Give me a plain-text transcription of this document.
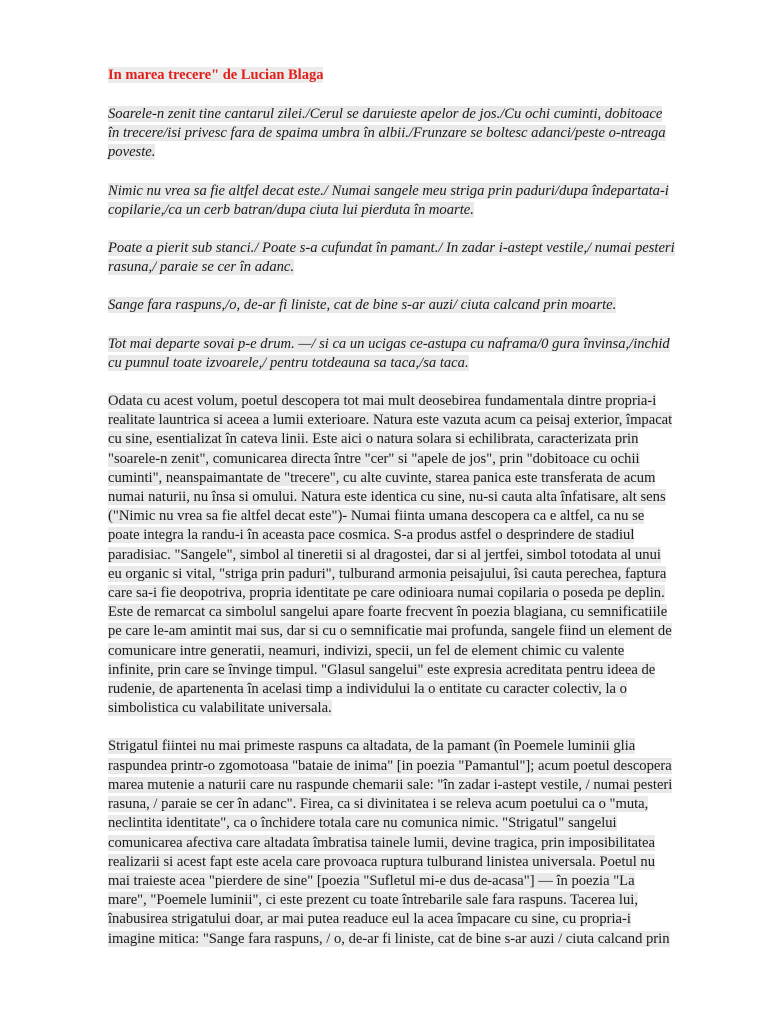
In marea trecere" de Lucian Blaga
Soarele-n zenit tine cantarul zilei./Cerul se daruieste apelor de jos./Cu ochi cuminti, dobitoace
în trecere/isi privesc fara de spaima umbra în albii./Frunzare se boltesc adanci/peste o-ntreaga
poveste.
Nimic nu vrea sa fie altfel decat este./ Numai sangele meu striga prin paduri/dupa îndepartata-i
copilarie,/ca un cerb batran/dupa ciuta lui pierduta în moarte.
Poate a pierit sub stanci./ Poate s-a cufundat în pamant./ In zadar i-astept vestile,/ numai pesteri
rasuna,/ paraie se cer în adanc.
Sange fara raspuns,/o, de-ar fi liniste, cat de bine s-ar auzi/ ciuta calcand prin moarte.
Tot mai departe sovai p-e drum. —/ si ca un ucigas ce-astupa cu naframa/0 gura învinsa,/inchid
cu pumnul toate izvoarele,/ pentru totdeauna sa taca,/sa taca.
Odata cu acest volum, poetul descopera tot mai mult deosebirea fundamentala dintre propria-i
realitate launtrica si aceea a lumii exterioare. Natura este vazuta acum ca peisaj exterior, împacat
cu sine, esentializat în cateva linii. Este aici o natura solara si echilibrata, caracterizata prin
"soarele-n zenit", comunicarea directa între "cer" si "apele de jos", prin "dobitoace cu ochii
cuminti", neanspaimantate de "trecere", cu alte cuvinte, starea panica este transferata de acum
numai naturii, nu însa si omului. Natura este identica cu sine, nu-si cauta alta înfatisare, alt sens
("Nimic nu vrea sa fie altfel decat este")- Numai fiinta umana descopera ca e altfel, ca nu se
poate integra la randu-i în aceasta pace cosmica. S-a produs astfel o desprindere de stadiul
paradisiac. "Sangele", simbol al tineretii si al dragostei, dar si al jertfei, simbol totodata al unui
eu organic si vital, "striga prin paduri", tulburand armonia peisajului, îsi cauta perechea, faptura
care sa-i fie deopotriva, propria identitate pe care odinioara numai copilaria o poseda pe deplin.
Este de remarcat ca simbolul sangelui apare foarte frecvent în poezia blagiana, cu semnificatiile
pe care le-am amintit mai sus, dar si cu o semnificatie mai profunda, sangele fiind un element de
comunicare intre generatii, neamuri, indivizi, specii, un fel de element chimic cu valente
infinite, prin care se învinge timpul. "Glasul sangelui" este expresia acreditata pentru ideea de
rudenie, de apartenenta în acelasi timp a individului la o entitate cu caracter colectiv, la o
simbolistica cu valabilitate universala.
Strigatul fiintei nu mai primeste raspuns ca altadata, de la pamant (în Poemele luminii glia
raspundea printr-o zgomotoasa "bataie de inima" [in poezia "Pamantul"]; acum poetul descopera
marea mutenie a naturii care nu raspunde chemarii sale: "în zadar i-astept vestile, / numai pesteri
rasuna, / paraie se cer în adanc". Firea, ca si divinitatea i se releva acum poetului ca o "muta,
neclintita identitate", ca o închidere totala care nu comunica nimic. "Strigatul" sangelui
comunicarea afectiva care altadata îmbratisa tainele lumii, devine tragica, prin imposibilitatea
realizarii si acest fapt este acela care provoaca ruptura tulburand linistea universala. Poetul nu
mai traieste acea "pierdere de sine" [poezia "Sufletul mi-e dus de-acasa"] — în poezia "La
mare", "Poemele luminii", ci este prezent cu toate întrebarile sale fara raspuns. Tacerea lui,
înabusirea strigatului doar, ar mai putea readuce eul la acea împacare cu sine, cu propria-i
imagine mitica: "Sange fara raspuns, / o, de-ar fi liniste, cat de bine s-ar auzi / ciuta calcand prin
